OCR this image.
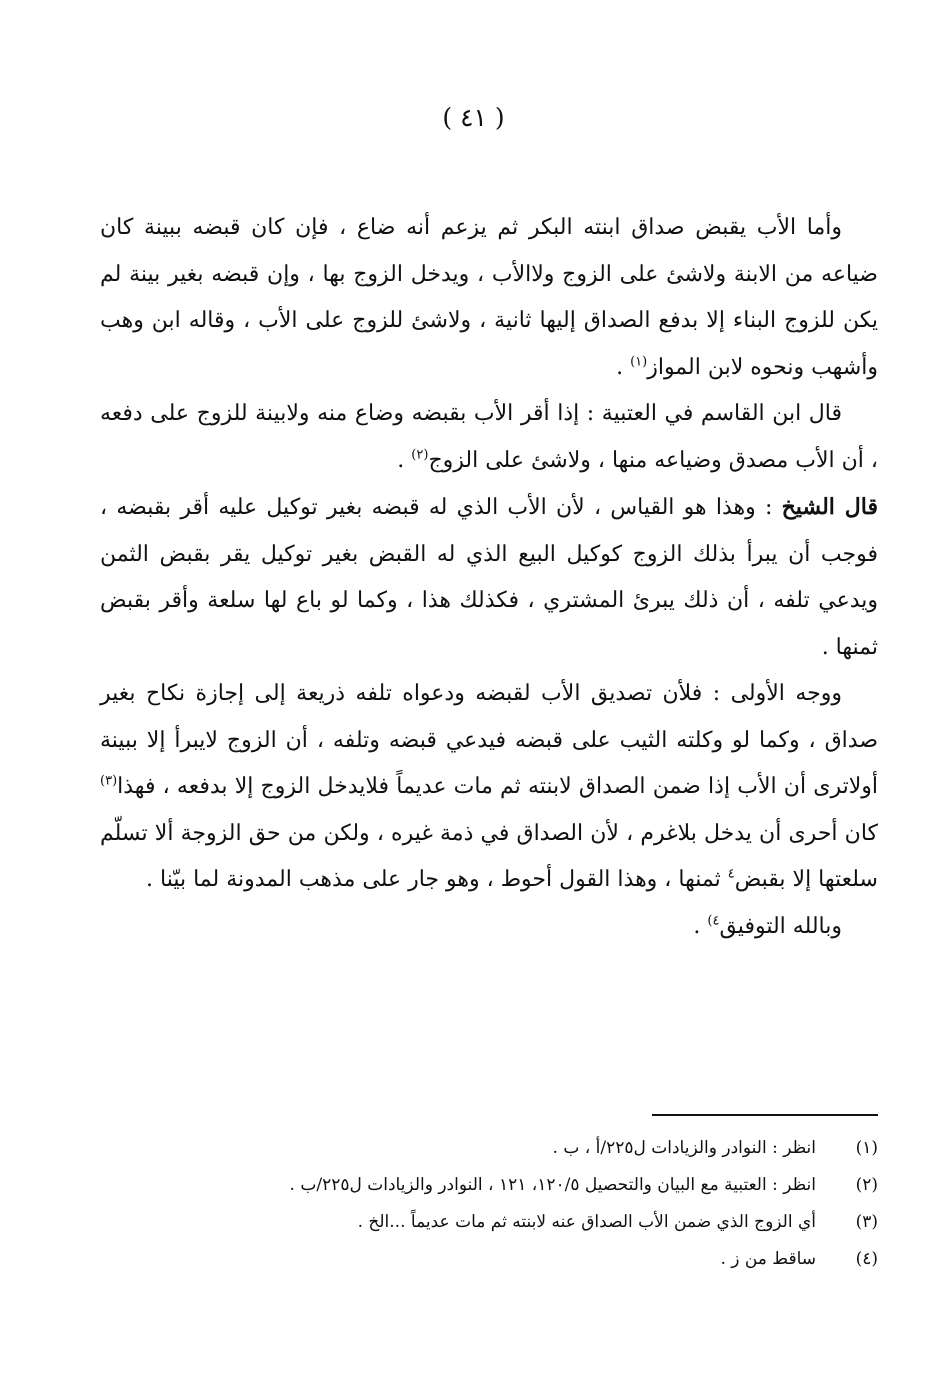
( ٤١ )

وأما الأب يقبض صداق ابنته البكر ثم يزعم أنه ضاع ، فإن كان قبضه ببينة كان ضياعه من الابنة ولاشئ على الزوج ولاالأب ، ويدخل الزوج بها ، وإن قبضه بغير بينة لم يكن للزوج البناء إلا بدفع الصداق إليها ثانية ، ولاشئ للزوج على الأب ، وقاله ابن وهب وأشهب ونحوه لابن المواز$^{(١)}$ .

قال ابن القاسم في العتبية : إذا أقر الأب بقبضه وضاع منه ولابينة للزوج على دفعه ، أن الأب مصدق وضياعه منها ، ولاشئ على الزوج$^{(٢)}$ .

قال الشيخ : وهذا هو القياس ، لأن الأب الذي له قبضه بغير توكيل عليه أقر بقبضه ، فوجب أن يبرأ بذلك الزوج كوكيل البيع الذي له القبض بغير توكيل يقر بقبض الثمن ويدعي تلفه ، أن ذلك يبرئ المشتري ، فكذلك هذا ، وكما لو باع لها سلعة وأقر بقبض ثمنها .

ووجه الأولى : فلأن تصديق الأب لقبضه ودعواه تلفه ذريعة إلى إجازة نكاح بغير صداق ، وكما لو وكلته الثيب على قبضه فيدعي قبضه وتلفه ، أن الزوج لايبرأ إلا ببينة أولاترى أن الأب إذا ضمن الصداق لابنته ثم مات عديماً فلايدخل الزوج إلا بدفعه ، فهذا$^{(٣)}$ كان أحرى أن يدخل بلاغرم ، لأن الصداق في ذمة غيره ، ولكن من حق الزوجة ألا تسلّم سلعتها إلا بقبض$^٤$ ثمنها ، وهذا القول أحوط ، وهو جار على مذهب المدونة لما بيّنا .

وبالله التوفيق$^{٤)}$ .

(١)
انظر : النوادر والزيادات ل٢٢٥/أ ، ب .
(٢)
انظر : العتبية مع البيان والتحصيل ١٢٠/٥، ١٢١ ، النوادر والزيادات ل٢٢٥/ب .
(٣)
أي الزوج الذي ضمن الأب الصداق عنه لابنته ثم مات عديماً ...الخ .
(٤)
ساقط من ز .
